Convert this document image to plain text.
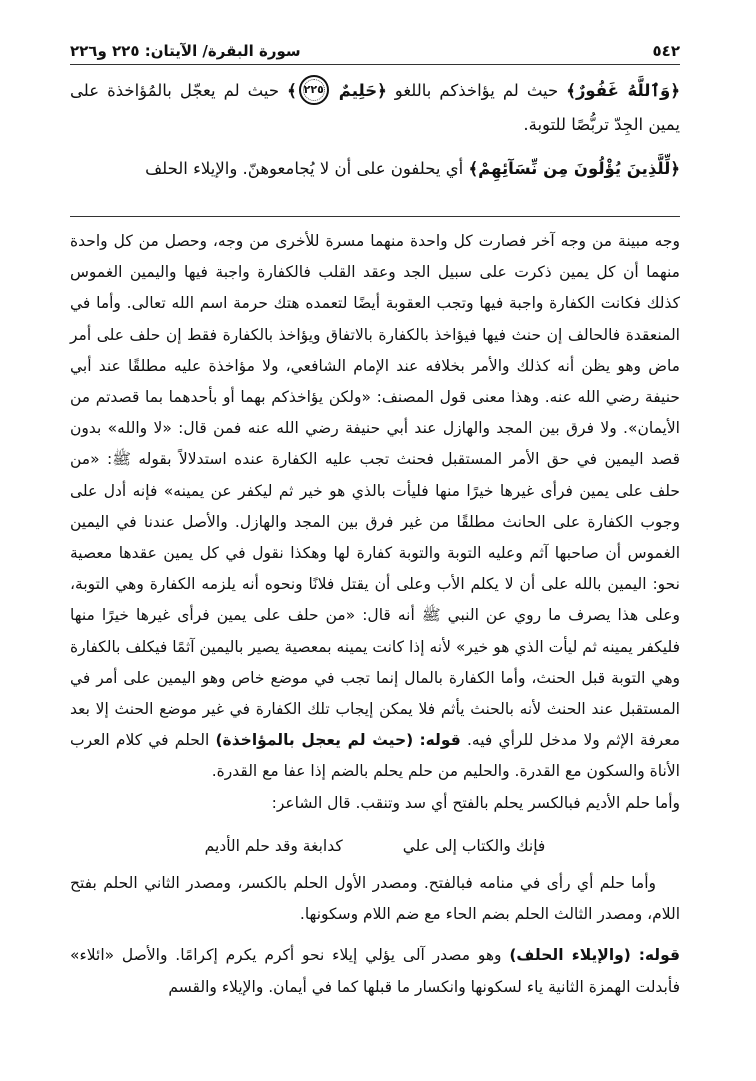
٥٤٢
سورة البقرة/ الآيتان: ٢٢٥ و٢٢٦

﴿وَٱللَّهُ غَفُورٌ﴾ حيث لم يؤاخذكم باللغو ﴿حَلِيمٌ ٢٢٥﴾ حيث لم يعجّل بالمُؤاخذة على يمين الجِدّ تربُّصًا للتوبة.

﴿لِّلَّذِينَ يُؤْلُونَ مِن نِّسَآئِهِمْ﴾ أي يحلفون على أن لا يُجامعوهنّ. والإيلاء الحلف

وجه مبينة من وجه آخر فصارت كل واحدة منهما مسرة للأخرى من وجه، وحصل من كل واحدة منهما أن كل يمين ذكرت على سبيل الجد وعقد القلب فالكفارة واجبة فيها واليمين الغموس كذلك فكانت الكفارة واجبة فيها وتجب العقوبة أيضًا لتعمده هتك حرمة اسم الله تعالى. وأما في المنعقدة فالحالف إن حنث فيها فيؤاخذ بالكفارة بالاتفاق ويؤاخذ بالكفارة فقط إن حلف على أمر ماض وهو يظن أنه كذلك والأمر بخلافه عند الإمام الشافعي، ولا مؤاخذة عليه مطلقًا عند أبي حنيفة رضي الله عنه. وهذا معنى قول المصنف: «ولكن يؤاخذكم بهما أو بأحدهما بما قصدتم من الأيمان». ولا فرق بين المجد والهازل عند أبي حنيفة رضي الله عنه فمن قال: «لا والله» بدون قصد اليمين في حق الأمر المستقبل فحنث تجب عليه الكفارة عنده استدلالاً بقوله ﷺ: «من حلف على يمين فرأى غيرها خيرًا منها فليأت بالذي هو خير ثم ليكفر عن يمينه» فإنه أدل على وجوب الكفارة على الحانث مطلقًا من غير فرق بين المجد والهازل. والأصل عندنا في اليمين الغموس أن صاحبها آثم وعليه التوبة والتوبة كفارة لها وهكذا نقول في كل يمين عقدها معصية نحو: اليمين بالله على أن لا يكلم الأب وعلى أن يقتل فلانًا ونحوه أنه يلزمه الكفارة وهي التوبة، وعلى هذا يصرف ما روي عن النبي ﷺ أنه قال: «من حلف على يمين فرأى غيرها خيرًا منها فليكفر يمينه ثم ليأت الذي هو خير» لأنه إذا كانت يمينه بمعصية يصير باليمين آثمًا فيكلف بالكفارة وهي التوبة قبل الحنث، وأما الكفارة بالمال إنما تجب في موضع خاص وهو اليمين على أمر في المستقبل عند الحنث لأنه بالحنث يأثم فلا يمكن إيجاب تلك الكفارة في غير موضع الحنث إلا بعد معرفة الإثم ولا مدخل للرأي فيه. قوله: (حيث لم يعجل بالمؤاخذة) الحلم في كلام العرب الأناة والسكون مع القدرة. والحليم من حلم يحلم بالضم إذا عفا مع القدرة.

وأما حلم الأديم فبالكسر يحلم بالفتح أي سد وتنقب. قال الشاعر:

فإنك والكتاب إلى علي
كدابغة وقد حلم الأديم

وأما حلم أي رأى في منامه فبالفتح. ومصدر الأول الحلم بالكسر، ومصدر الثاني الحلم بفتح اللام، ومصدر الثالث الحلم بضم الحاء مع ضم اللام وسكونها.

قوله: (والإيلاء الحلف) وهو مصدر آلى يؤلي إيلاء نحو أكرم يكرم إكرامًا. والأصل «ائلاء» فأبدلت الهمزة الثانية ياء لسكونها وانكسار ما قبلها كما في أيمان. والإيلاء والقسم
